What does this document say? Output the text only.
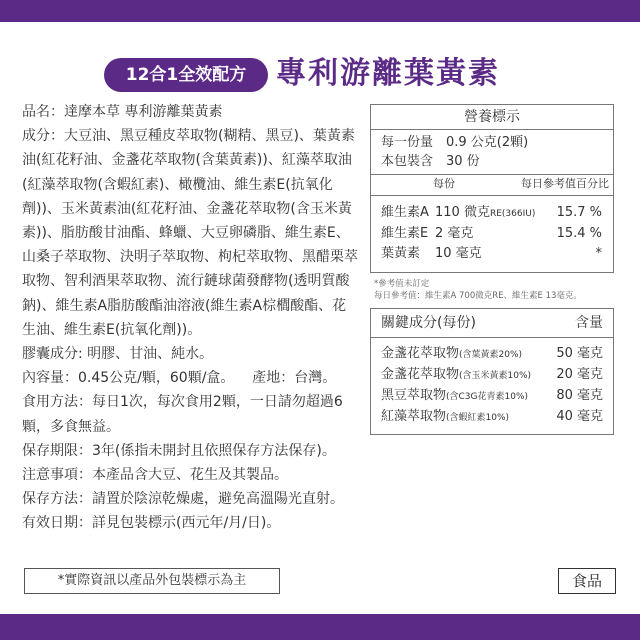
12合1全效配方 專利游離葉黃素

品名：達摩本草 專利游離葉黃素

成分：大豆油、黑豆種皮萃取物(糊精、黑豆)、葉黃素油(紅花籽油、金盞花萃取物(含葉黃素))、紅藻萃取油(紅藻萃取物(含蝦紅素)、橄欖油、維生素E(抗氧化劑))、玉米黃素油(紅花籽油、金盞花萃取物(含玉米黃素))、脂肪酸甘油酯、蜂蠟、大豆卵磷脂、維生素E、山桑子萃取物、決明子萃取物、枸杞萃取物、黑醋栗萃取物、智利酒果萃取物、流行鏈球菌發酵物(透明質酸鈉)、維生素A脂肪酸酯油溶液(維生素A棕櫚酸酯、花生油、維生素E(抗氧化劑))。

膠囊成分: 明膠、甘油、純水。

內容量：0.45公克/顆，60顆/盒。 產地：台灣。

食用方法：每日1次，每次食用2顆，一日請勿超過6顆，多食無益。

保存期限：3年(係指未開封且依照保存方法保存)。

注意事項：本產品含大豆、花生及其製品。

保存方法：請置於陰涼乾燥處，避免高溫陽光直射。

有效日期：詳見包裝標示(西元年/月/日)。

營養標示
每一份量 0.9 公克(2顆)
本包裝含 30 份
每份	每日參考值百分比
維生素A 110 微克RE(366IU)	15.7 %
維生素E 2 毫克	15.4 %
葉黃素	10 毫克	*
*參考值未訂定
每日參考值：維生素A 700微克RE、維生素E 13毫克。
關鍵成分(每份)	含量
金盞花萃取物(含葉黃素20%)	50 毫克
金盞花萃取物(含玉米黃素10%) 20 毫克
黑豆萃取物(含C3G花青素10%) 80 毫克
紅藻萃取物(含蝦紅素10%)	40 毫克
*實際資訊以產品外包裝標示為主	食品
